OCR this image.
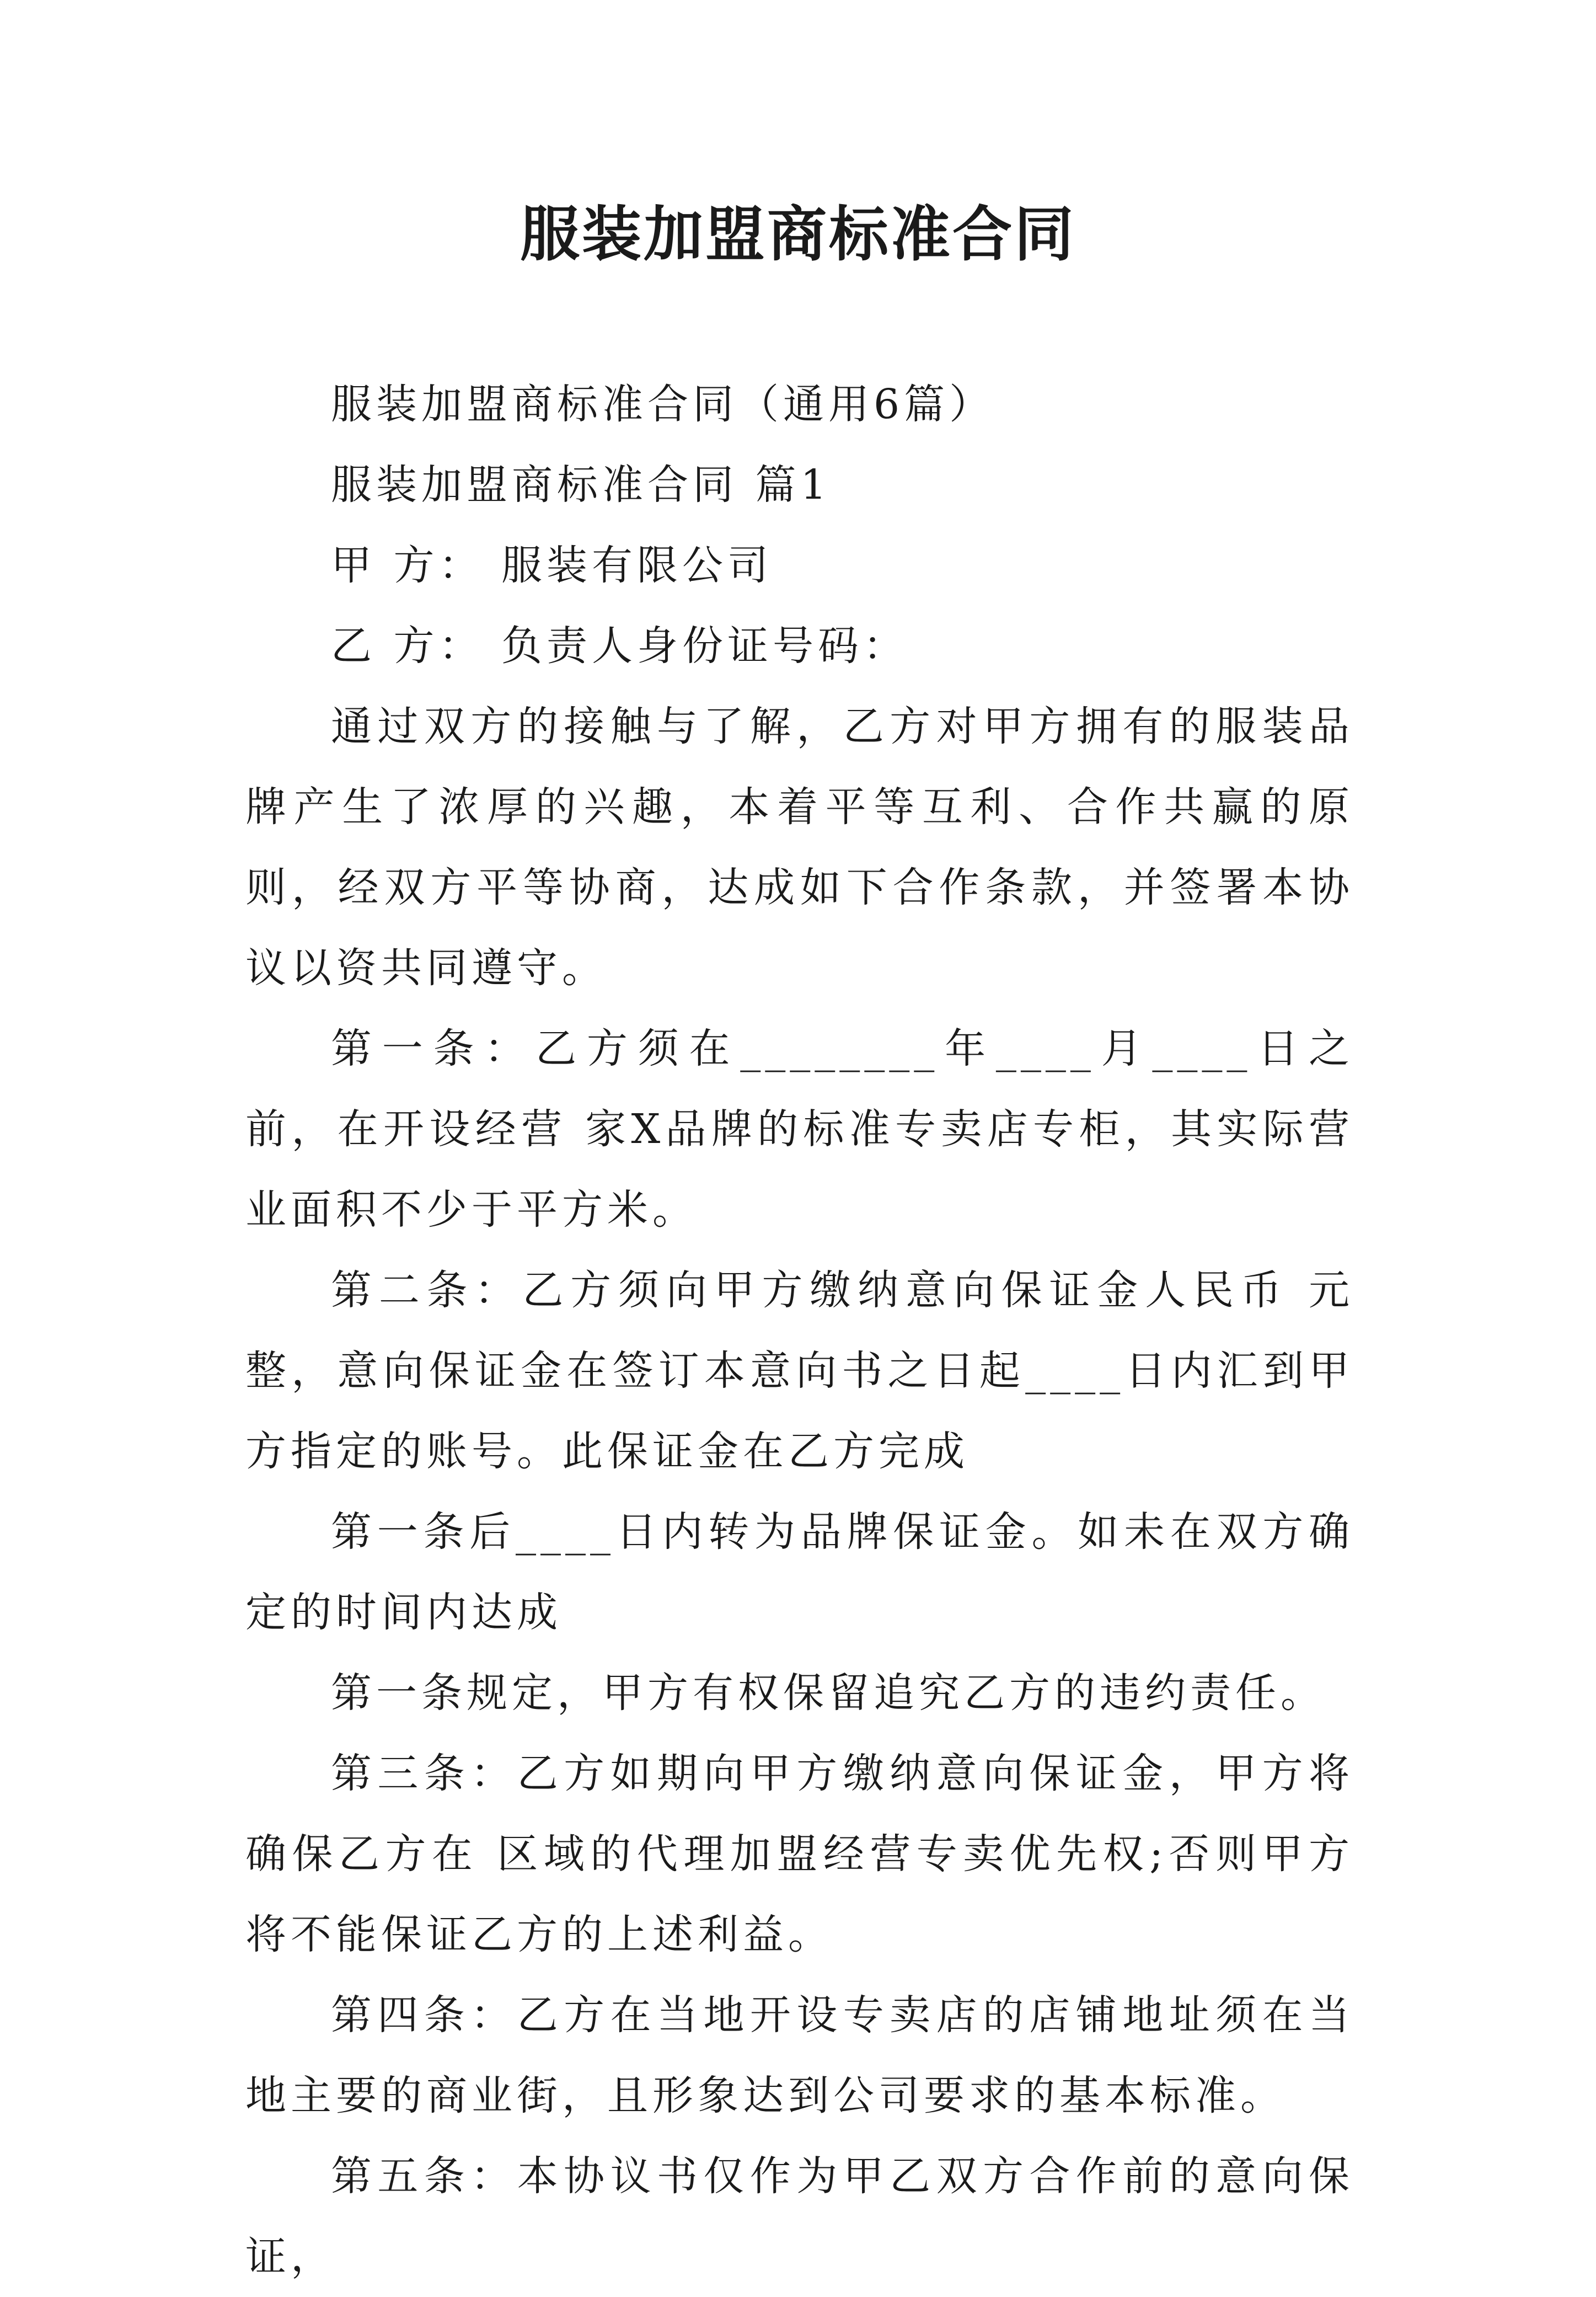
服装加盟商标准合同

服装加盟商标准合同（通用6篇）

服装加盟商标准合同 篇1

甲 方： 服装有限公司

乙 方： 负责人身份证号码：

通过双方的接触与了解，乙方对甲方拥有的服装品牌产生了浓厚的兴趣，本着平等互利、合作共赢的原则，经双方平等协商，达成如下合作条款，并签署本协议以资共同遵守。

第一条：乙方须在________年____月____日之前，在开设经营 家X品牌的标准专卖店专柜，其实际营业面积不少于平方米。

第二条：乙方须向甲方缴纳意向保证金人民币 元整，意向保证金在签订本意向书之日起____日内汇到甲方指定的账号。此保证金在乙方完成

第一条后____日内转为品牌保证金。如未在双方确定的时间内达成

第一条规定，甲方有权保留追究乙方的违约责任。

第三条：乙方如期向甲方缴纳意向保证金，甲方将确保乙方在 区域的代理加盟经营专卖优先权;否则甲方将不能保证乙方的上述利益。

第四条：乙方在当地开设专卖店的店铺地址须在当地主要的商业街，且形象达到公司要求的基本标准。

第五条：本协议书仅作为甲乙双方合作前的意向保证，
